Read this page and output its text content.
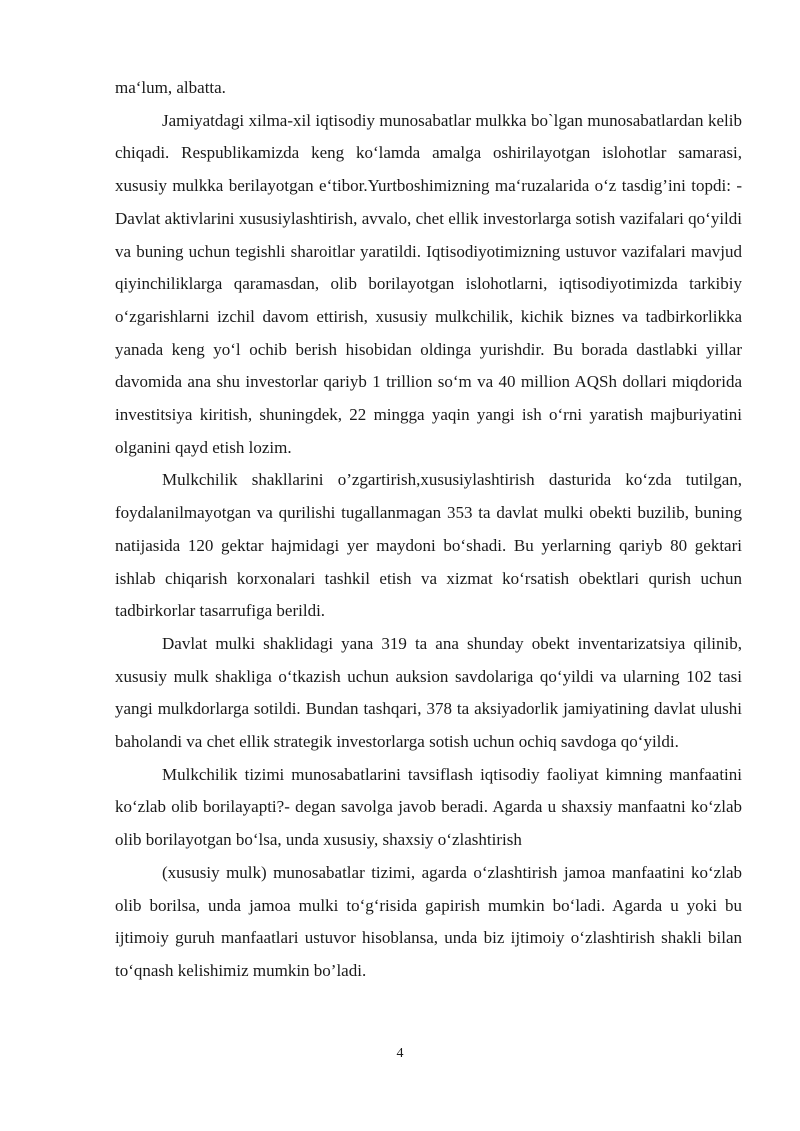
ma‘lum, albatta.

Jamiyatdagi xilma-xil iqtisodiy munosabatlar mulkka bo`lgan munosabatlardan kelib chiqadi. Respublikamizda keng ko‘lamda amalga oshirilayotgan islohotlar samarasi, xususiy mulkka berilayotgan e‘tibor.Yurtboshimizning ma‘ruzalarida o‘z tasdig’ini topdi: - Davlat aktivlarini xususiylashtirish, avvalo, chet ellik investorlarga sotish vazifalari qo‘yildi va buning uchun tegishli sharoitlar yaratildi. Iqtisodiyotimizning ustuvor vazifalari mavjud qiyinchiliklarga qaramasdan, olib borilayotgan islohotlarni, iqtisodiyotimizda tarkibiy o‘zgarishlarni izchil davom ettirish, xususiy mulkchilik, kichik biznes va tadbirkorlikka yanada keng yo‘l ochib berish hisobidan oldinga yurishdir. Bu borada dastlabki yillar davomida ana shu investorlar qariyb 1 trillion so‘m va 40 million AQSh dollari miqdorida investitsiya kiritish, shuningdek, 22 mingga yaqin yangi ish o‘rni yaratish majburiyatini olganini qayd etish lozim.

Mulkchilik shakllarini o’zgartirish,xususiylashtirish dasturida ko‘zda tutilgan, foydalanilmayotgan va qurilishi tugallanmagan 353 ta davlat mulki obekti buzilib, buning natijasida 120 gektar hajmidagi yer maydoni bo‘shadi. Bu yerlarning qariyb 80 gektari ishlab chiqarish korxonalari tashkil etish va xizmat ko‘rsatish obektlari qurish uchun tadbirkorlar tasarrufiga berildi.

Davlat mulki shaklidagi yana 319 ta ana shunday obekt inventarizatsiya qilinib, xususiy mulk shakliga o‘tkazish uchun auksion savdolariga qo‘yildi va ularning 102 tasi yangi mulkdorlarga sotildi. Bundan tashqari, 378 ta aksiyadorlik jamiyatining davlat ulushi baholandi va chet ellik strategik investorlarga sotish uchun ochiq savdoga qo‘yildi.

Mulkchilik tizimi munosabatlarini tavsiflash iqtisodiy faoliyat kimning manfaatini ko‘zlab olib borilayapti?- degan savolga javob beradi. Agarda u shaxsiy manfaatni ko‘zlab olib borilayotgan bo‘lsa, unda xususiy, shaxsiy o‘zlashtirish

(xususiy mulk) munosabatlar tizimi, agarda o‘zlashtirish jamoa manfaatini ko‘zlab olib borilsa, unda jamoa mulki to‘g‘risida gapirish mumkin bo‘ladi. Agarda u yoki bu ijtimoiy guruh manfaatlari ustuvor hisoblansa, unda biz ijtimoiy o‘zlashtirish shakli bilan to‘qnash kelishimiz mumkin bo’ladi.

4
